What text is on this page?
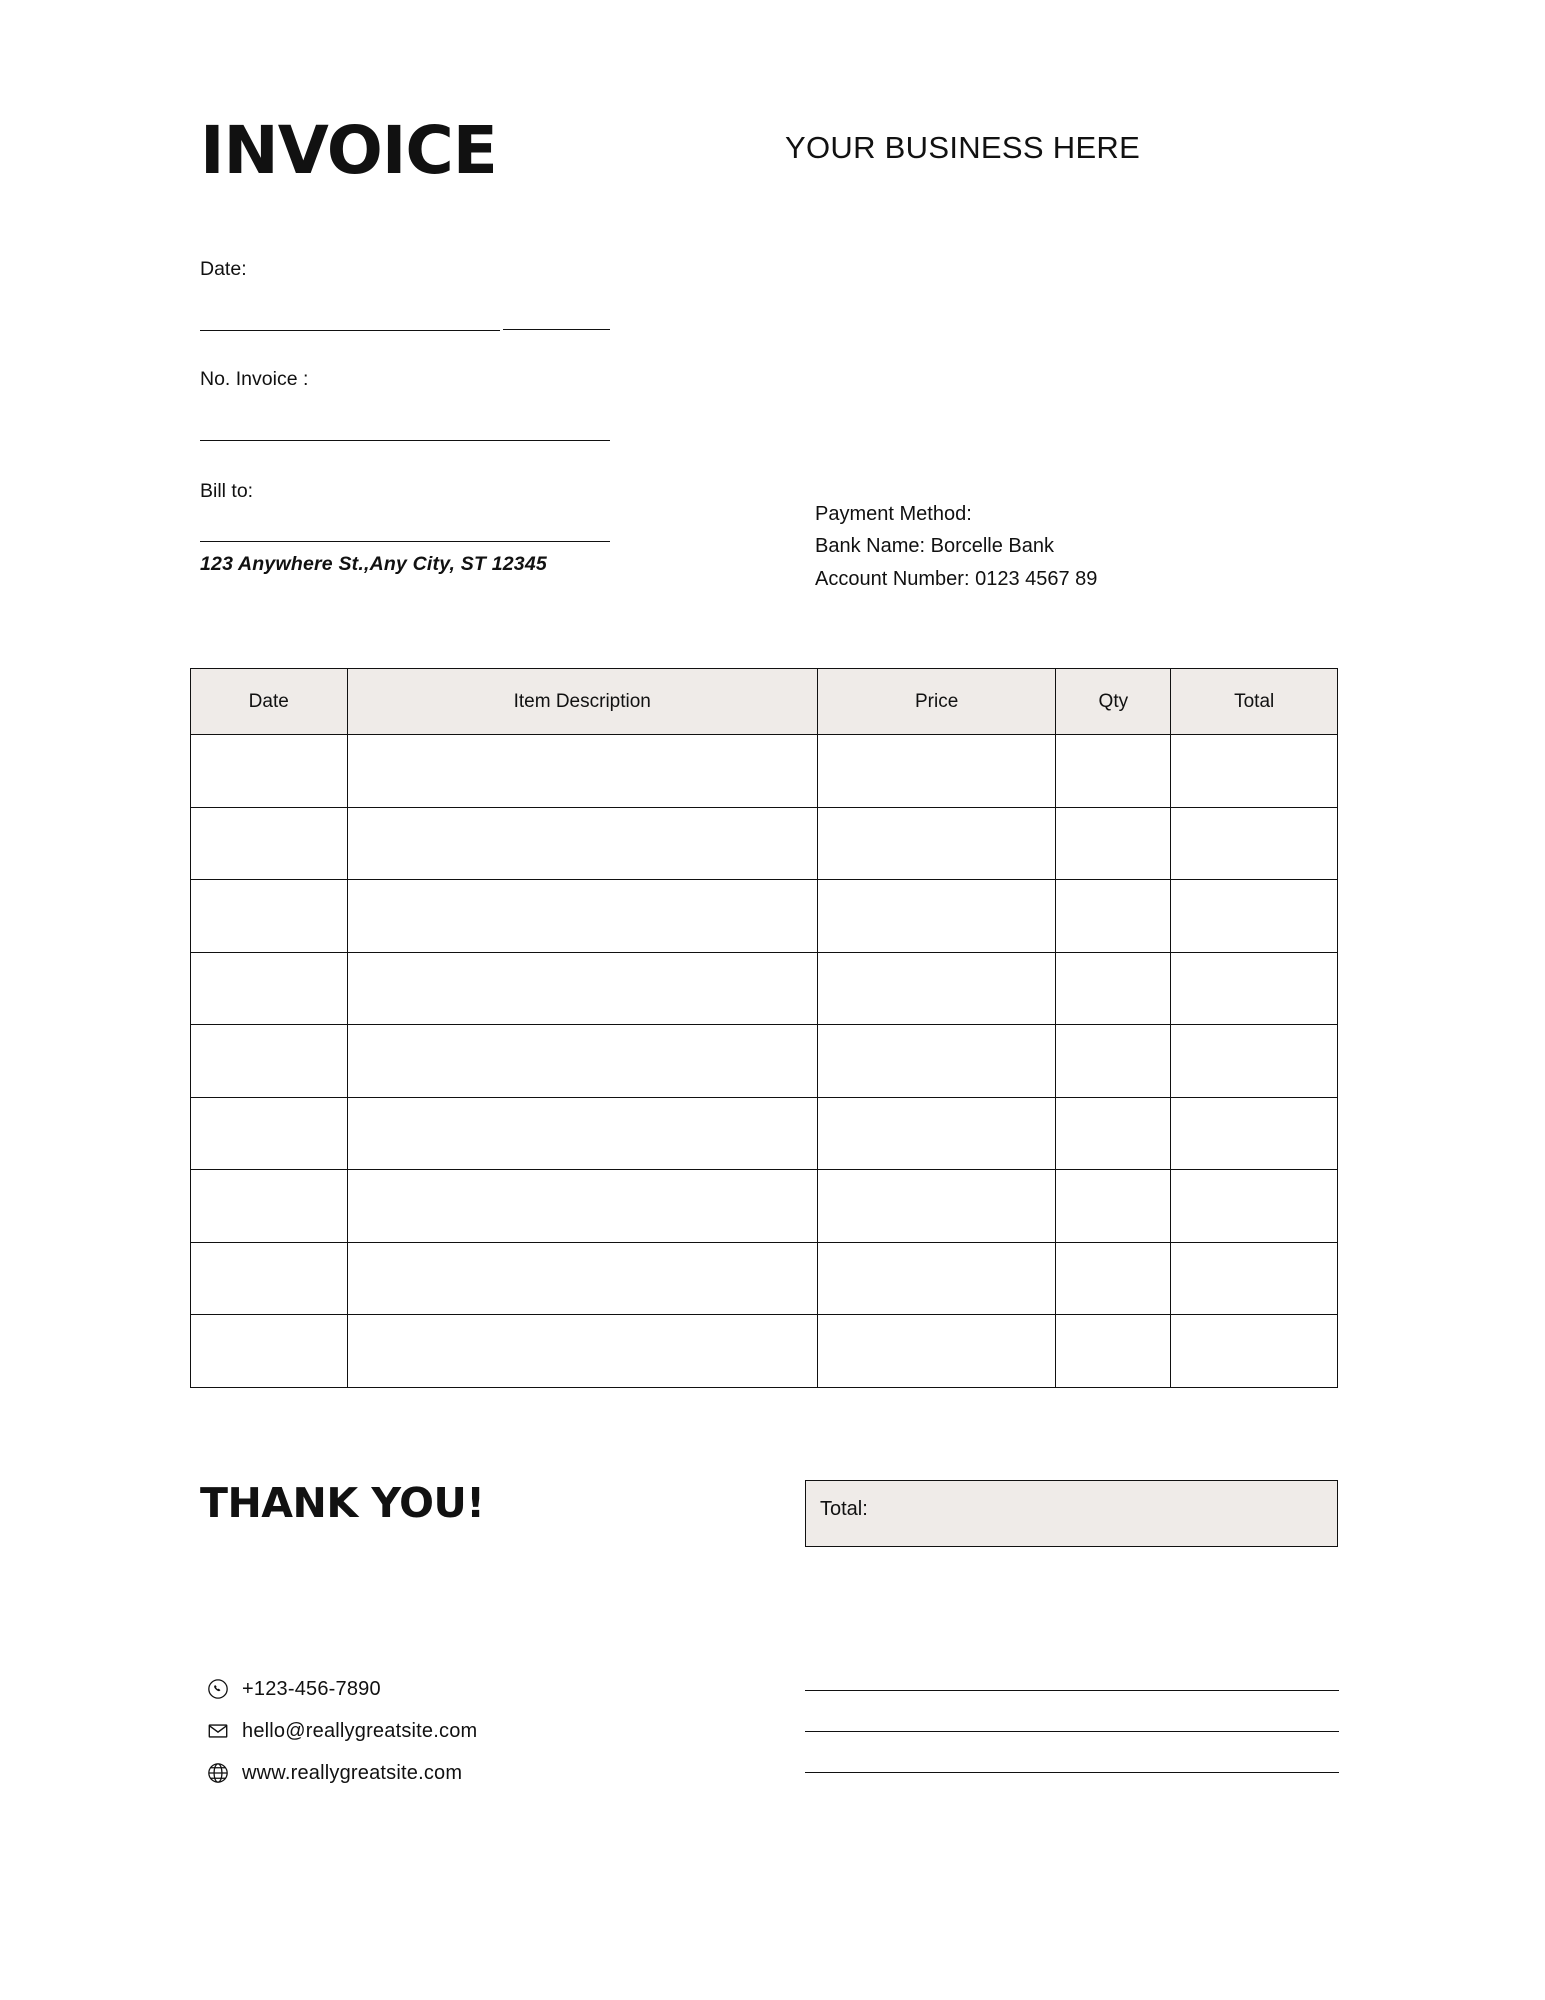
INVOICE	YOUR BUSINESS HERE
Date:
No. Invoice :
Bill to:
123 Anywhere St.,Any City, ST 12345
Payment Method:
Bank Name: Borcelle Bank
Account Number: 0123 4567 89
Date	Item Description	Price	Qty	Total

THANK YOU!	Total:
+123-456-7890
hello@reallygreatsite.com
www.reallygreatsite.com
